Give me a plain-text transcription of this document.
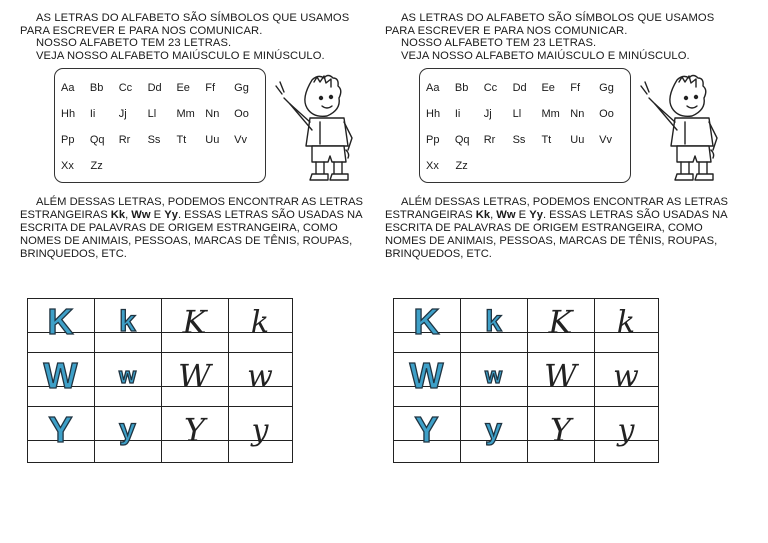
AS LETRAS DO ALFABETO SÃO SÍMBOLOS QUE USAMOS
PARA ESCREVER E PARA NOS COMUNICAR.
NOSSO ALFABETO TEM 23 LETRAS.
VEJA NOSSO ALFABETO MAIÚSCULO E MINÚSCULO.
Aa	Bb	Cc	Dd	Ee	Ff	Gg
Hh	Ii	Jj	Ll	Mm Nn	Oo
Pp	Qq	Rr	Ss	Tt	Uu	Vv
Xx	Zz
ALÉM DESSAS LETRAS, PODEMOS ENCONTRAR AS LETRAS
ESTRANGEIRAS Kk, Ww E Yy. ESSAS LETRAS SÃO USADAS NA
ESCRITA DE PALAVRAS DE ORIGEM ESTRANGEIRA, COMO
NOMES DE ANIMAIS, PESSOAS, MARCAS DE TÊNIS, ROUPAS,
BRINQUEDOS, ETC.
AS LETRAS DO ALFABETO SÃO SÍMBOLOS QUE USAMOS
PARA ESCREVER E PARA NOS COMUNICAR.
NOSSO ALFABETO TEM 23 LETRAS.
VEJA NOSSO ALFABETO MAIÚSCULO E MINÚSCULO.
Aa	Bb	Cc	Dd	Ee	Ff	Gg
Hh	Ii	Jj	Ll	Mm Nn	Oo
Pp	Qq	Rr	Ss	Tt	Uu	Vv
Xx	Zz
ALÉM DESSAS LETRAS, PODEMOS ENCONTRAR AS LETRAS
ESTRANGEIRAS Kk, Ww E Yy. ESSAS LETRAS SÃO USADAS NA
ESCRITA DE PALAVRAS DE ORIGEM ESTRANGEIRA, COMO
NOMES DE ANIMAIS, PESSOAS, MARCAS DE TÊNIS, ROUPAS,
BRINQUEDOS, ETC.
K	k	K	k
W	w	W	w
Y	y	Y	y
K	k	K	k
W	w	W	w
Y	y	Y	y
